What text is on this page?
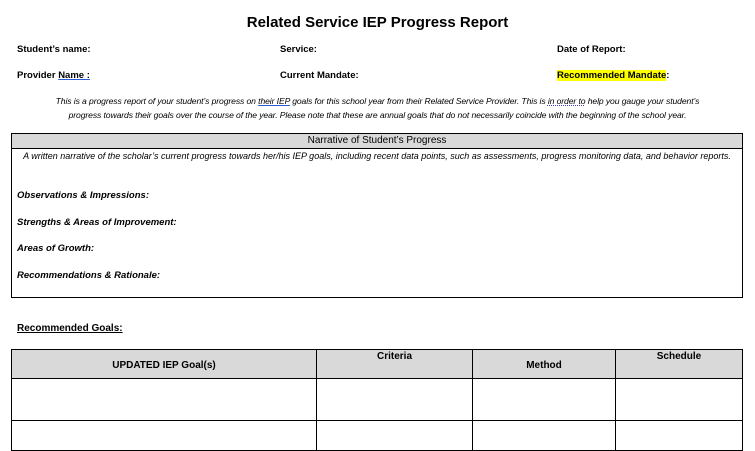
Related Service IEP Progress Report
Student’s name:	Service:	Date of Report:
Provider Name :	Current Mandate:	Recommended Mandate:
This is a progress report of your student’s progress on their IEP goals for this school year from their Related Service Provider. This is in order to help you gauge your student’s
progress towards their goals over the course of the year. Please note that these are annual goals that do not necessarily coincide with the beginning of the school year.
Narrative of Student’s Progress
A written narrative of the scholar’s current progress towards her/his IEP goals, including recent data points, such as assessments, progress monitoring data, and behavior reports.
Observations & Impressions:
Strengths & Areas of Improvement:
Areas of Growth:
Recommendations & Rationale:
Recommended Goals:
UPDATED IEP Goal(s)	Criteria	Method	Schedule
